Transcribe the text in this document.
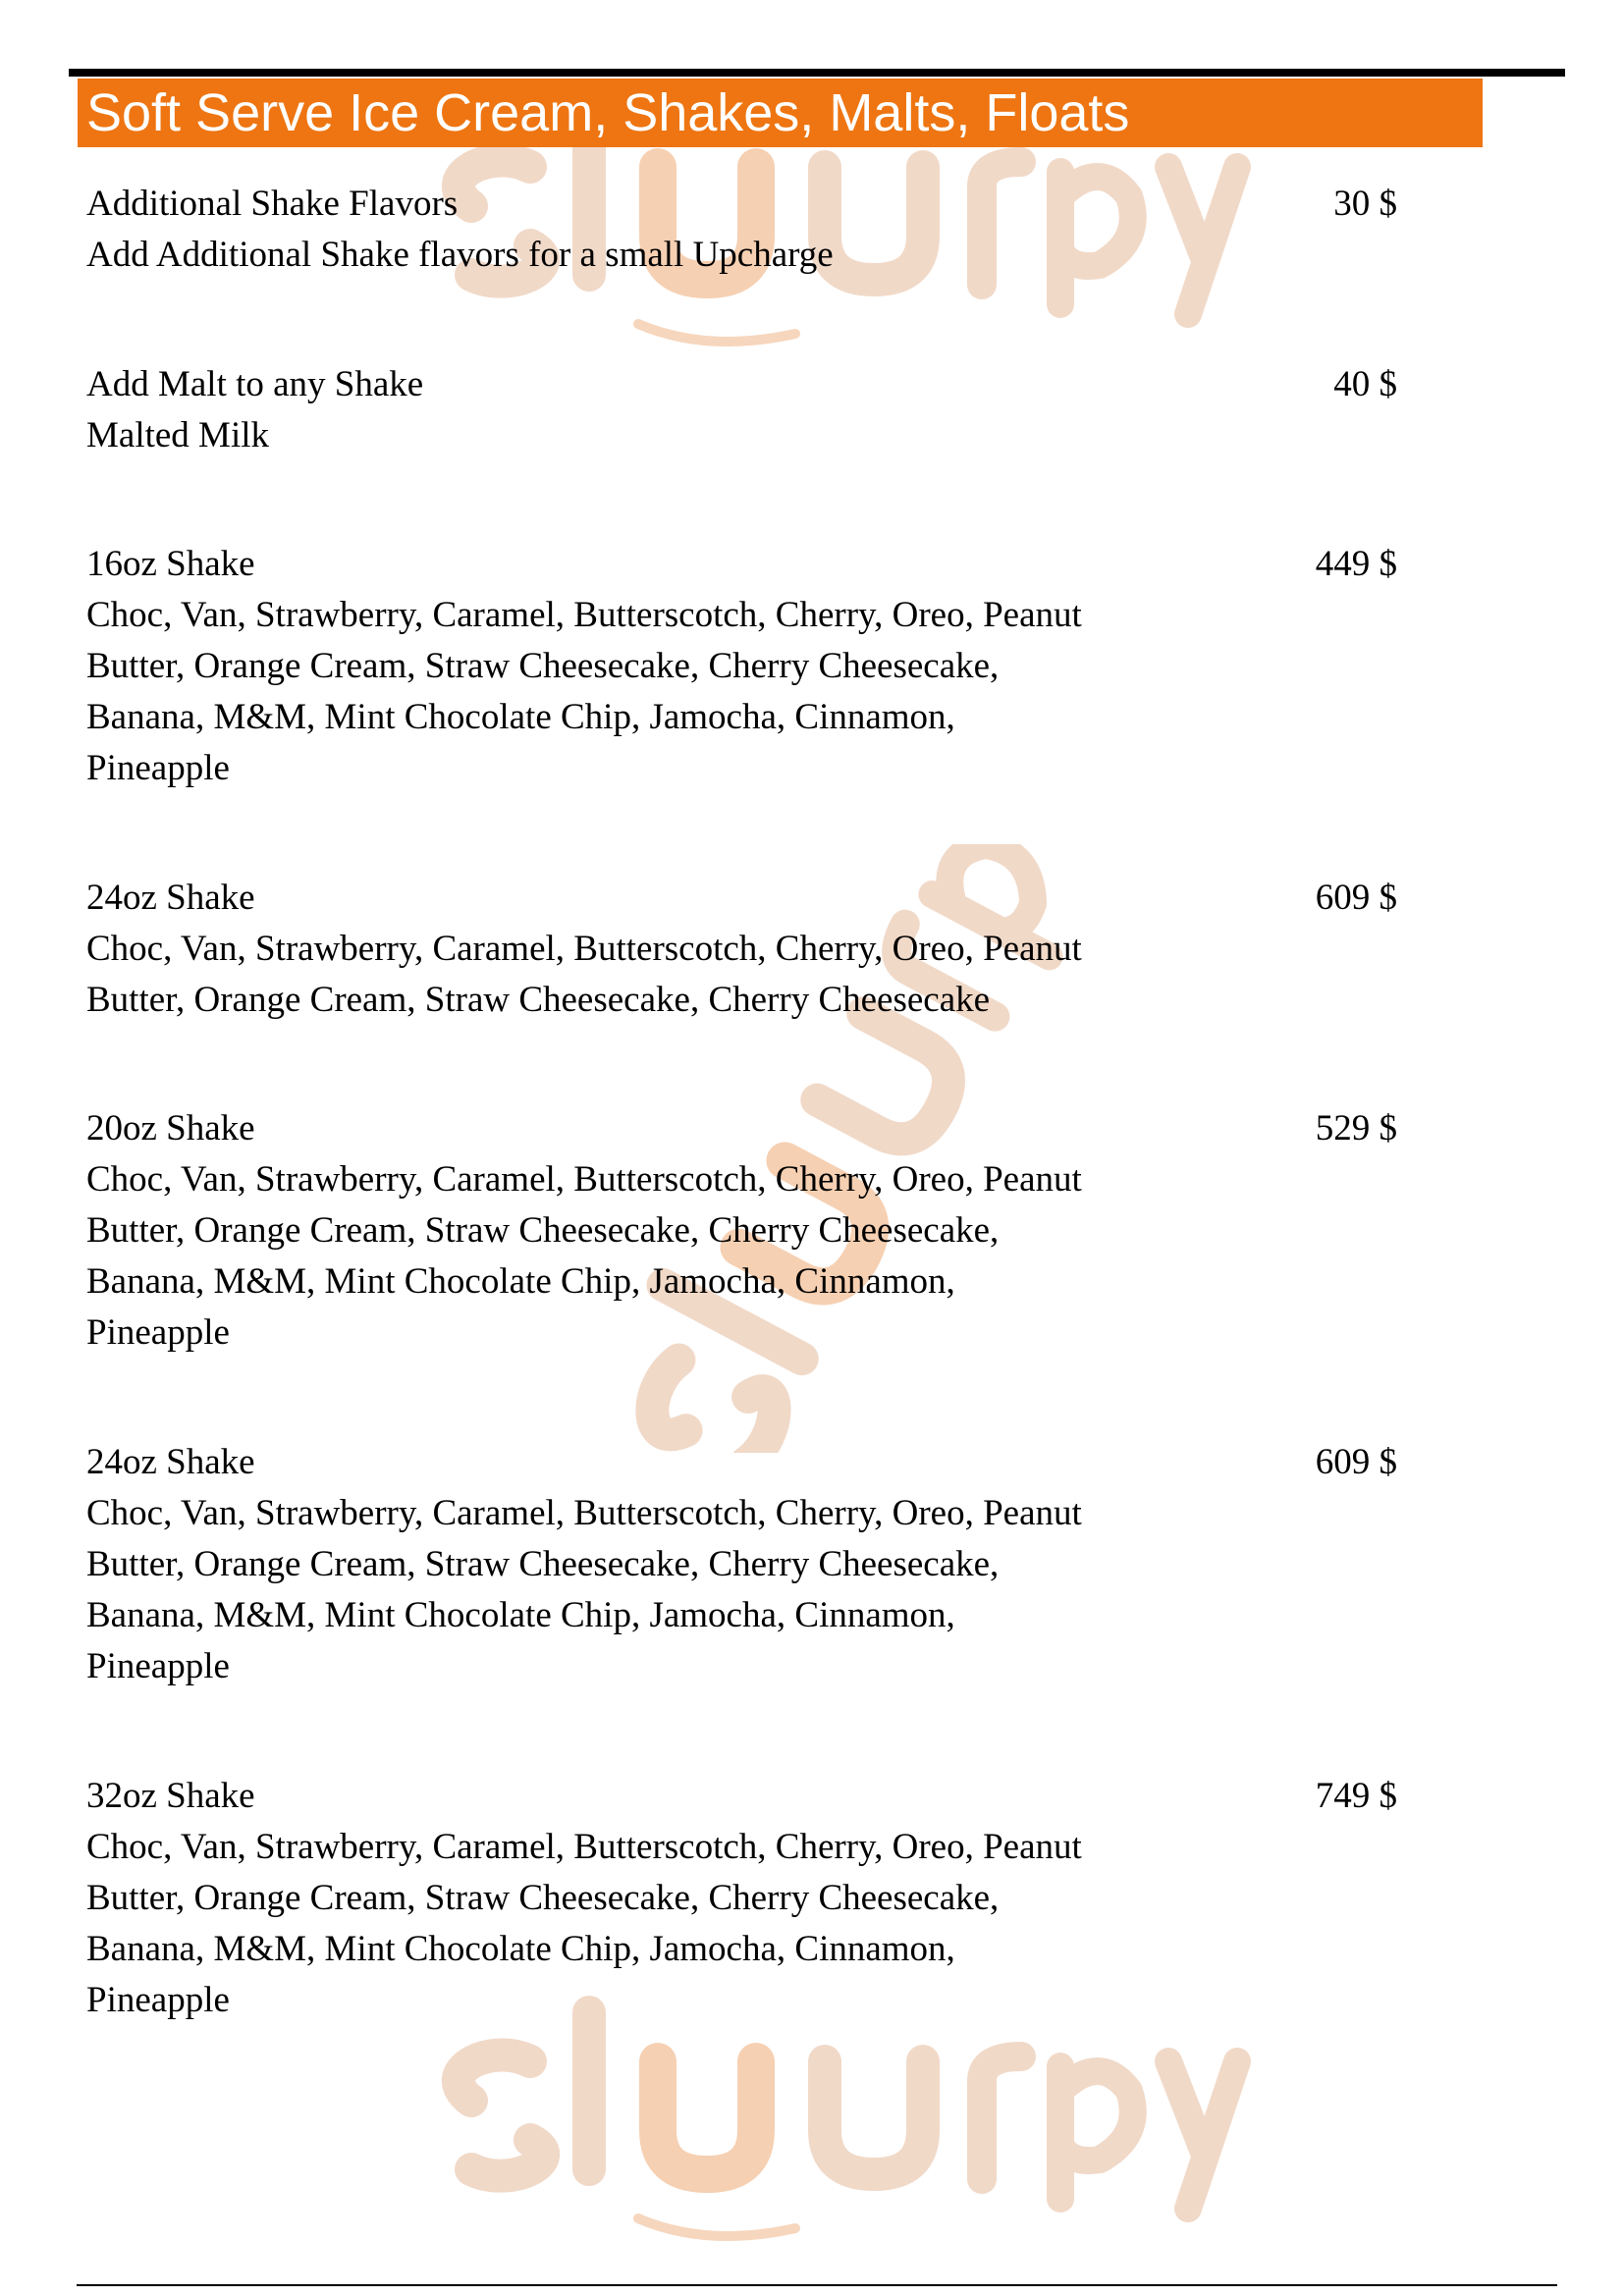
Soft Serve Ice Cream, Shakes, Malts, Floats
Additional Shake Flavors	30 $
Add Additional Shake flavors for a small Upcharge
Add Malt to any Shake	40 $
Malted Milk
16oz Shake	449 $
Choc, Van, Strawberry, Caramel, Butterscotch, Cherry, Oreo, Peanut
Butter, Orange Cream, Straw Cheesecake, Cherry Cheesecake,
Banana, M&M, Mint Chocolate Chip, Jamocha, Cinnamon,
Pineapple
24oz Shake	609 $
Choc, Van, Strawberry, Caramel, Butterscotch, Cherry, Oreo, Peanut
Butter, Orange Cream, Straw Cheesecake, Cherry Cheesecake
20oz Shake	529 $
Choc, Van, Strawberry, Caramel, Butterscotch, Cherry, Oreo, Peanut
Butter, Orange Cream, Straw Cheesecake, Cherry Cheesecake,
Banana, M&M, Mint Chocolate Chip, Jamocha, Cinnamon,
Pineapple
24oz Shake	609 $
Choc, Van, Strawberry, Caramel, Butterscotch, Cherry, Oreo, Peanut
Butter, Orange Cream, Straw Cheesecake, Cherry Cheesecake,
Banana, M&M, Mint Chocolate Chip, Jamocha, Cinnamon,
Pineapple
32oz Shake	749 $
Choc, Van, Strawberry, Caramel, Butterscotch, Cherry, Oreo, Peanut
Butter, Orange Cream, Straw Cheesecake, Cherry Cheesecake,
Banana, M&M, Mint Chocolate Chip, Jamocha, Cinnamon,
Pineapple
